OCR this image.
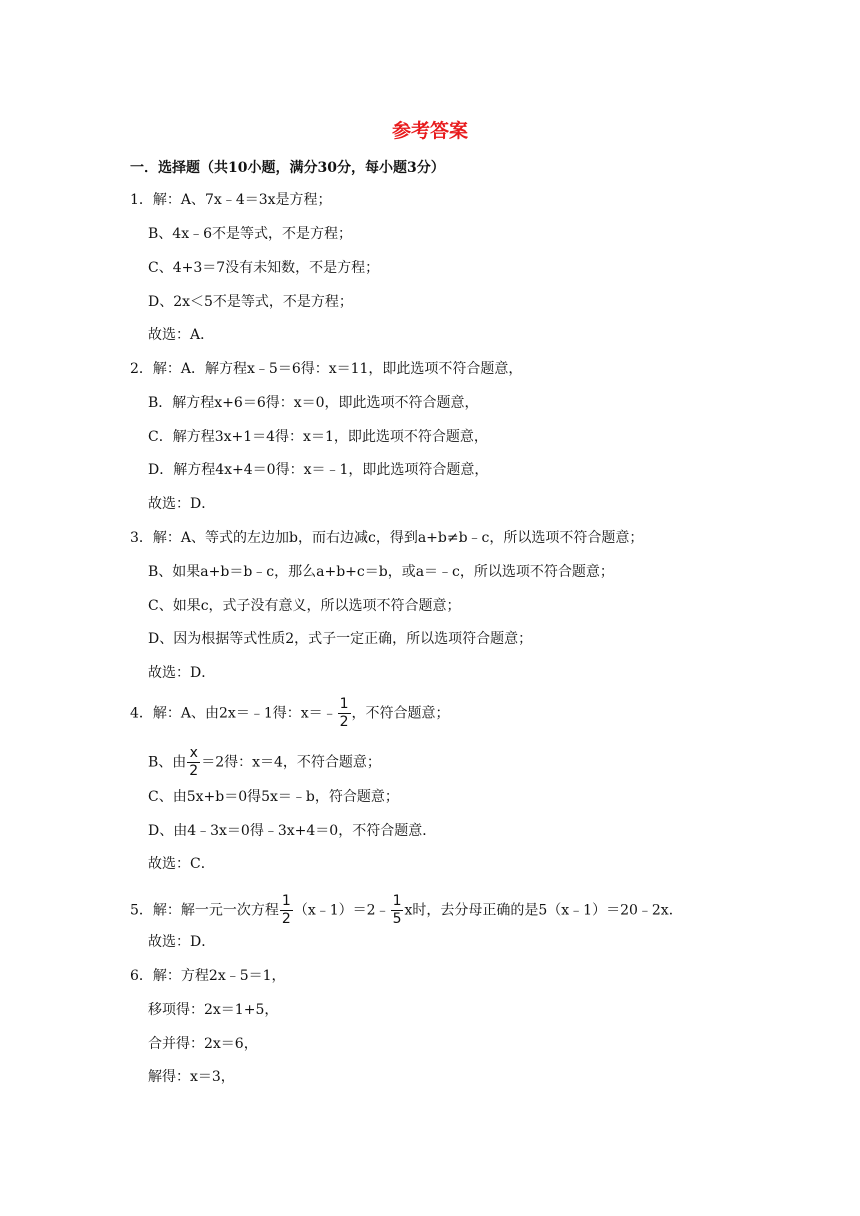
参考答案
一．选择题（共10小题，满分30分，每小题3分）
1．解：A、7x﹣4＝3x是方程；
B、4x﹣6不是等式，不是方程；
C、4+3＝7没有未知数，不是方程；
D、2x＜5不是等式，不是方程；
故选：A．
2．解：A．解方程x﹣5＝6得：x＝11，即此选项不符合题意，
B．解方程x+6＝6得：x＝0，即此选项不符合题意，
C．解方程3x+1＝4得：x＝1，即此选项不符合题意，
D．解方程4x+4＝0得：x＝﹣1，即此选项符合题意，
故选：D．
3．解：A、等式的左边加b，而右边减c，得到a+b≠b﹣c，所以选项不符合题意；
B、如果a+b＝b﹣c，那么a+b+c＝b，或a＝﹣c，所以选项不符合题意；
C、如果c，式子没有意义，所以选项不符合题意；
D、因为根据等式性质2，式子一定正确，所以选项符合题意；
故选：D．
4．解：A、由2x＝﹣1得：x＝﹣ $\frac{1}{2}$ ，不符合题意；
B、由 $\frac{x}{2} =2$得：x＝4，不符合题意；
C、由5x+b＝0得5x＝﹣b，符合题意；
D、由4﹣3x＝0得﹣3x+4＝0，不符合题意．
故选：C．
5．解：解一元一次方程 $\frac{1}{2}$ （x﹣1）＝2﹣ $\frac{1}{5}$ x时，去分母正确的是5（x﹣1）＝20﹣2x．
故选：D．
6．解：方程2x﹣5＝1，
移项得：2x＝1+5，
合并得：2x＝6，
解得：x＝3，
